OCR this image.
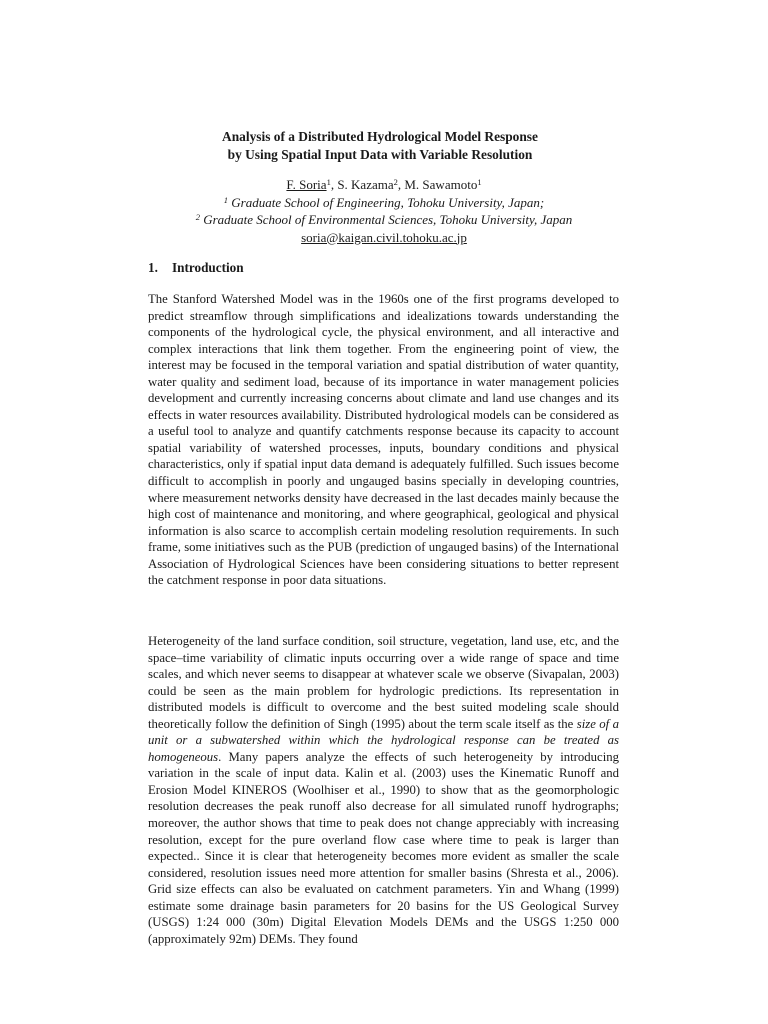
Analysis of a Distributed Hydrological Model Response
by Using Spatial Input Data with Variable Resolution
F. Soria$^1$, S. Kazama$^2$, M. Sawamoto$^1$
$^1$ Graduate School of Engineering, Tohoku University, Japan;
$^2$ Graduate School of Environmental Sciences, Tohoku University, Japan
soria@kaigan.civil.tohoku.ac.jp
1. Introduction

The Stanford Watershed Model was in the 1960s one of the first programs developed to predict streamflow through simplifications and idealizations towards understanding the components of the hydrological cycle, the physical environment, and all interactive and complex interactions that link them together. From the engineering point of view, the interest may be focused in the temporal variation and spatial distribution of water quantity, water quality and sediment load, because of its importance in water management policies development and currently increasing concerns about climate and land use changes and its effects in water resources availability. Distributed hydrological models can be considered as a useful tool to analyze and quantify catchments response because its capacity to account spatial variability of watershed processes, inputs, boundary conditions and physical characteristics, only if spatial input data demand is adequately fulfilled. Such issues become difficult to accomplish in poorly and ungauged basins specially in developing countries, where measurement networks density have decreased in the last decades mainly because the high cost of maintenance and monitoring, and where geographical, geological and physical information is also scarce to accomplish certain modeling resolution requirements. In such frame, some initiatives such as the PUB (prediction of ungauged basins) of the International Association of Hydrological Sciences have been considering situations to better represent the catchment response in poor data situations.

Heterogeneity of the land surface condition, soil structure, vegetation, land use, etc, and the space–time variability of climatic inputs occurring over a wide range of space and time scales, and which never seems to disappear at whatever scale we observe (Sivapalan, 2003) could be seen as the main problem for hydrologic predictions. Its representation in distributed models is difficult to overcome and the best suited modeling scale should theoretically follow the definition of Singh (1995) about the term scale itself as the size of a unit or a subwatershed within which the hydrological response can be treated as homogeneous. Many papers analyze the effects of such heterogeneity by introducing variation in the scale of input data. Kalin et al. (2003) uses the Kinematic Runoff and Erosion Model KINEROS (Woolhiser et al., 1990) to show that as the geomorphologic resolution decreases the peak runoff also decrease for all simulated runoff hydrographs; moreover, the author shows that time to peak does not change appreciably with increasing resolution, except for the pure overland flow case where time to peak is larger than expected.. Since it is clear that heterogeneity becomes more evident as smaller the scale considered, resolution issues need more attention for smaller basins (Shresta et al., 2006). Grid size effects can also be evaluated on catchment parameters. Yin and Whang (1999) estimate some drainage basin parameters for 20 basins for the US Geological Survey (USGS) 1:24 000 (30m) Digital Elevation Models DEMs and the USGS 1:250 000 (approximately 92m) DEMs. They found
